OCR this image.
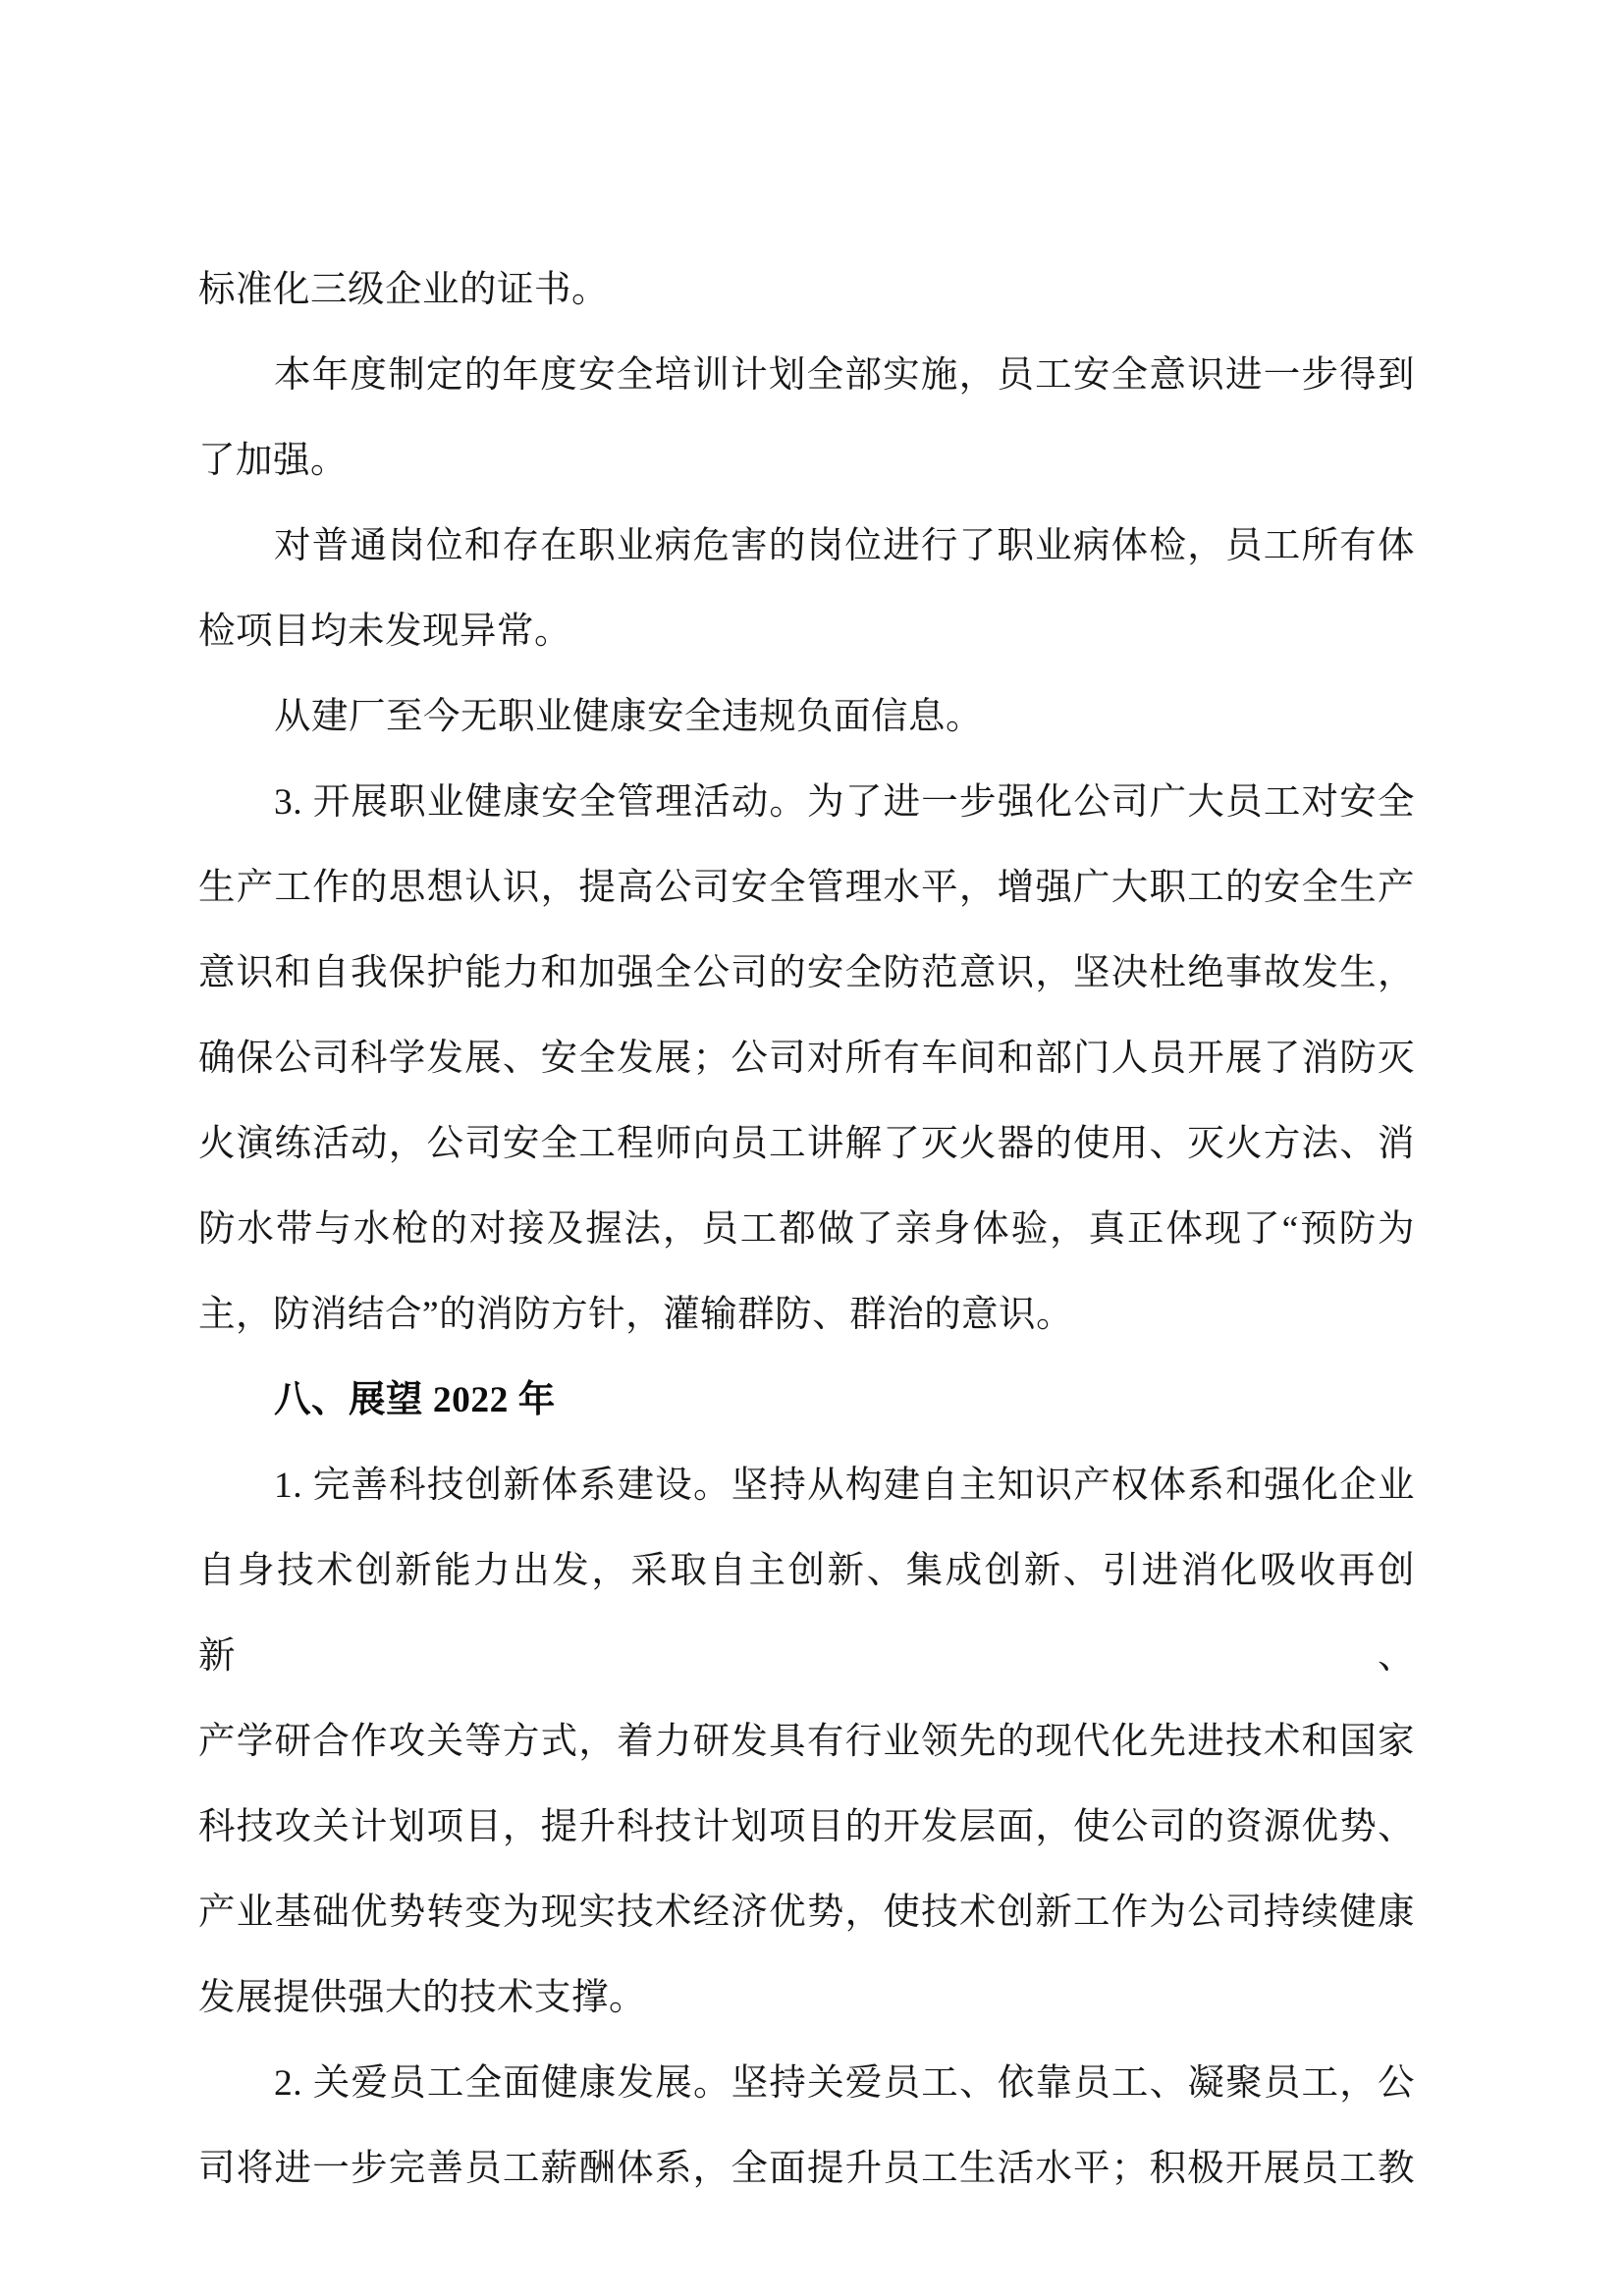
标准化三级企业的证书。
本年度制定的年度安全培训计划全部实施，员工安全意识进一步得到
了加强。
对普通岗位和存在职业病危害的岗位进行了职业病体检，员工所有体
检项目均未发现异常。
从建厂至今无职业健康安全违规负面信息。
3. 开展职业健康安全管理活动。为了进一步强化公司广大员工对安全
生产工作的思想认识，提高公司安全管理水平，增强广大职工的安全生产
意识和自我保护能力和加强全公司的安全防范意识，坚决杜绝事故发生，
确保公司科学发展、安全发展；公司对所有车间和部门人员开展了消防灭
火演练活动，公司安全工程师向员工讲解了灭火器的使用、灭火方法、消
防水带与水枪的对接及握法，员工都做了亲身体验，真正体现了“预防为
主，防消结合”的消防方针，灌输群防、群治的意识。
八、展望 2022 年
1. 完善科技创新体系建设。坚持从构建自主知识产权体系和强化企业
自身技术创新能力出发，采取自主创新、集成创新、引进消化吸收再创新、
产学研合作攻关等方式，着力研发具有行业领先的现代化先进技术和国家
科技攻关计划项目，提升科技计划项目的开发层面，使公司的资源优势、
产业基础优势转变为现实技术经济优势，使技术创新工作为公司持续健康
发展提供强大的技术支撑。
2. 关爱员工全面健康发展。坚持关爱员工、依靠员工、凝聚员工，公
司将进一步完善员工薪酬体系，全面提升员工生活水平；积极开展员工教
